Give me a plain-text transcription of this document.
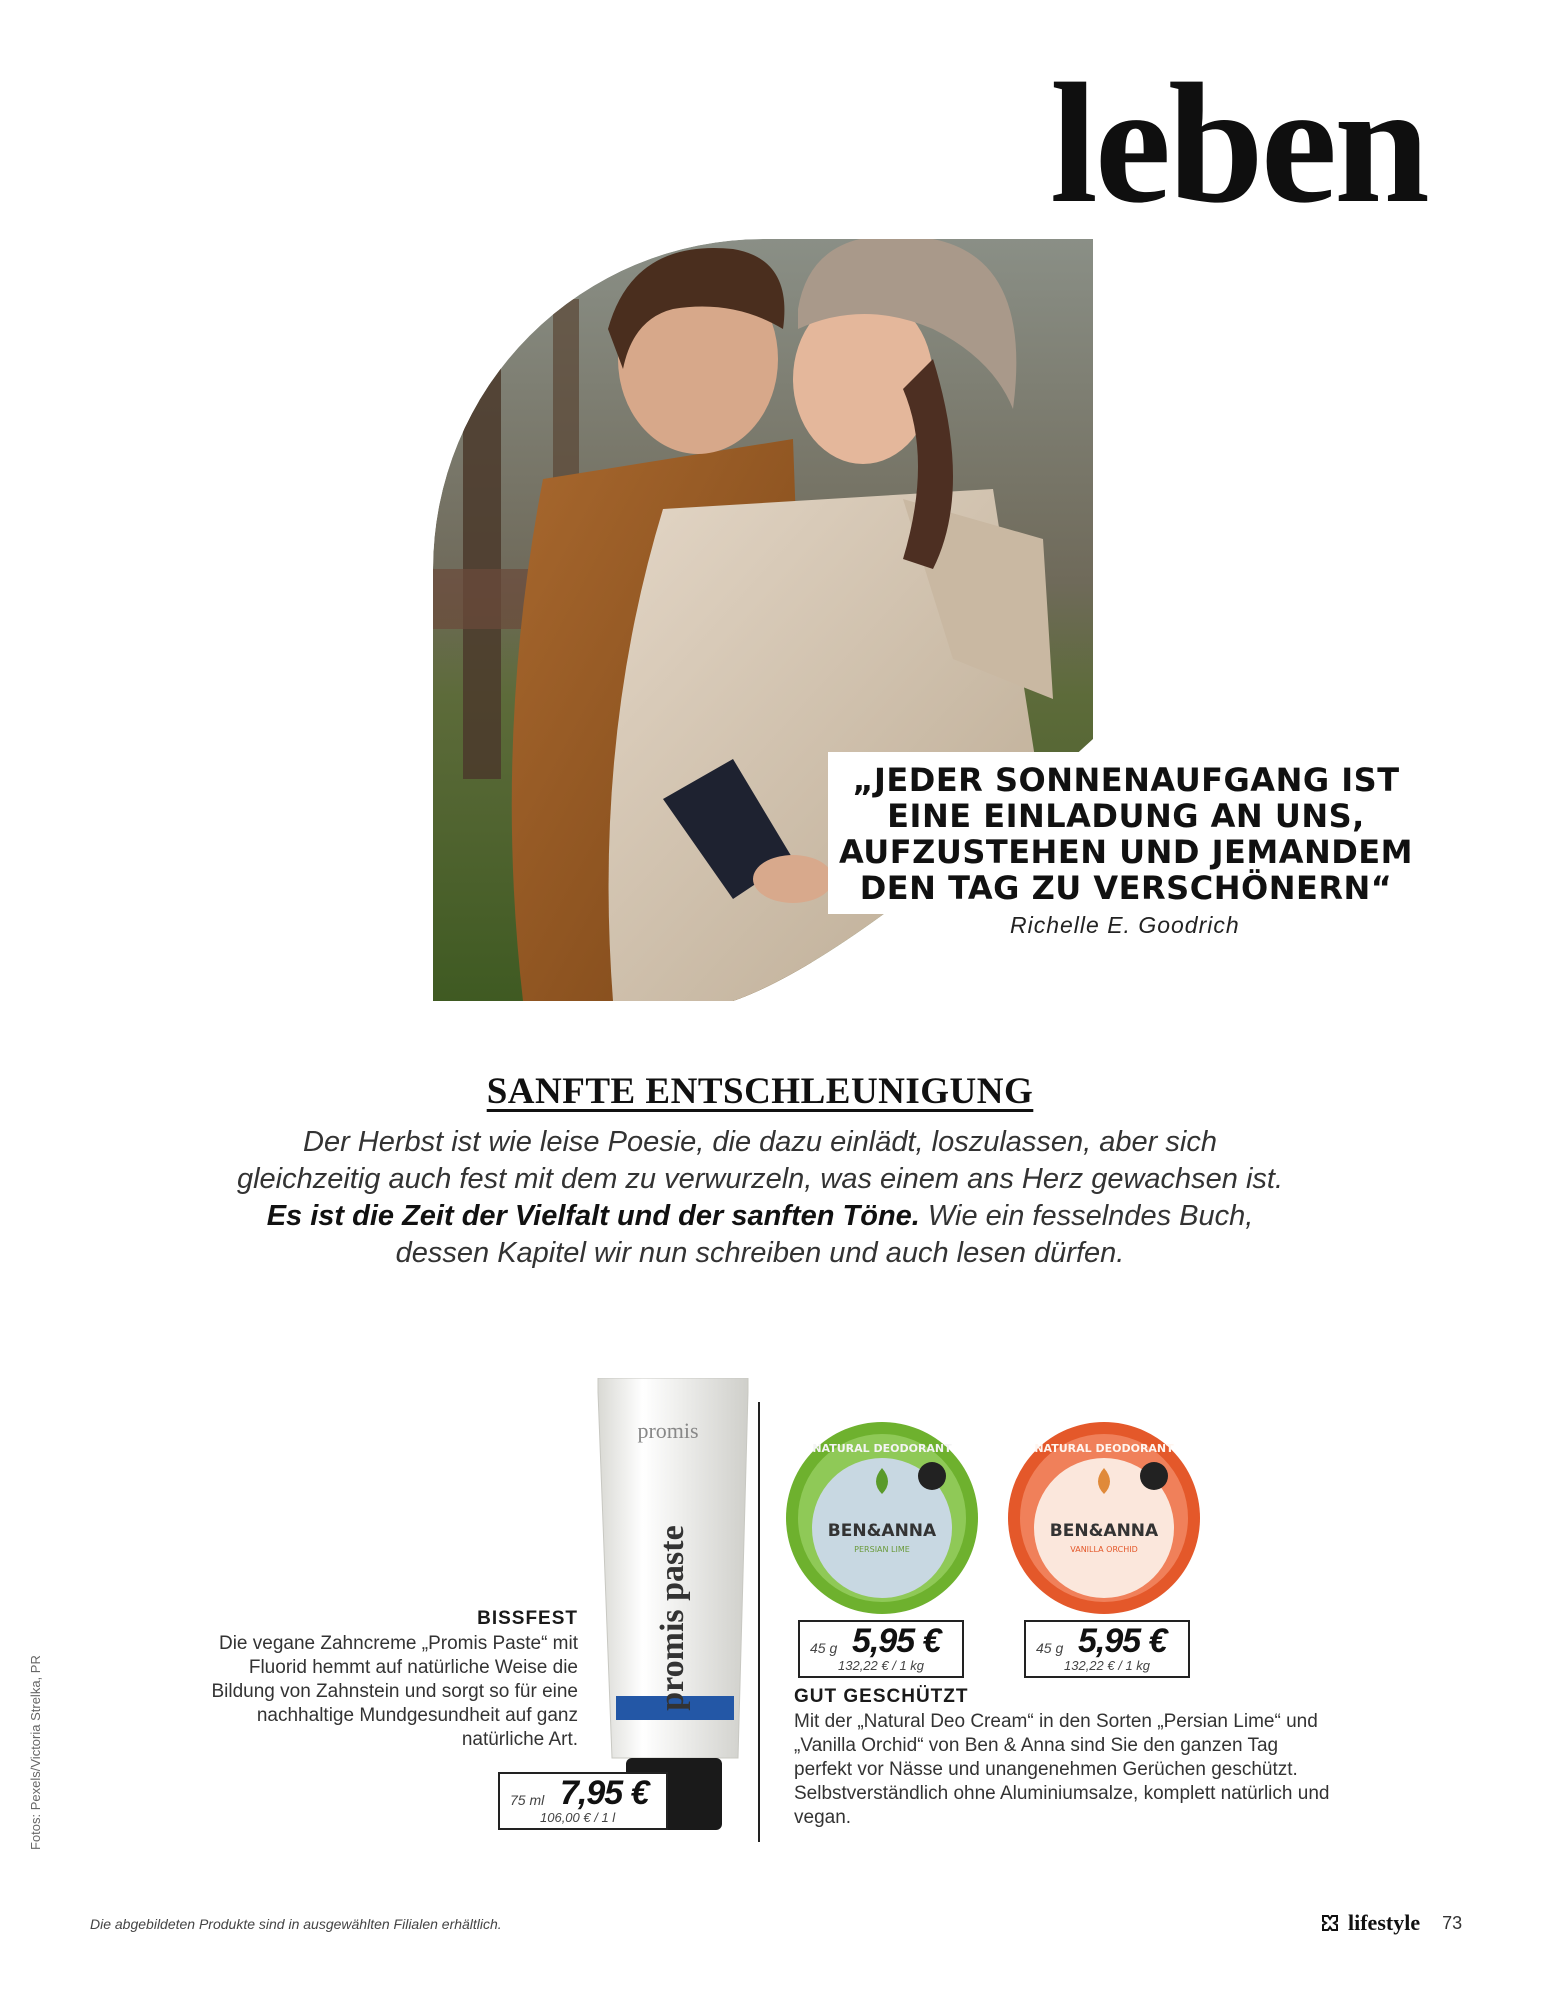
leben
„JEDER SONNENAUFGANG IST EINE EINLADUNG AN UNS, AUFZUSTEHEN UND JEMANDEM DEN TAG ZU VERSCHÖNERN“
Richelle E. Goodrich
SANFTE ENTSCHLEUNIGUNG
Der Herbst ist wie leise Poesie, die dazu einlädt, loszulassen, aber sich gleichzeitig auch fest mit dem zu verwurzeln, was einem ans Herz gewachsen ist. Es ist die Zeit der Vielfalt und der sanften Töne. Wie ein fesselndes Buch, dessen Kapitel wir nun schreiben und auch lesen dürfen.
Fotos: Pexels/Victoria Strelka, PR
BISSFEST
Die vegane Zahncreme „Promis Paste“ mit Fluorid hemmt auf natürliche Weise die Bildung von Zahnstein und sorgt so für eine nachhaltige Mundgesundheit auf ganz natürliche Art.
promis
promis paste
75 ml 7,95 €
106,00 € / 1 l
NATURAL DEODORANT
BEN&ANNA
PERSIAN LIME
NATURAL DEODORANT
BEN&ANNA
VANILLA ORCHID
45 g 5,95 €
132,22 € / 1 kg
45 g 5,95 €
132,22 € / 1 kg
GUT GESCHÜTZT
Mit der „Natural Deo Cream“ in den Sorten „Persian Lime“ und „Vanilla Orchid“ von Ben & Anna sind Sie den ganzen Tag perfekt vor Nässe und unangenehmen Gerüchen geschützt. Selbstverständlich ohne Aluminiumsalze, komplett natürlich und vegan.
Die abgebildeten Produkte sind in ausgewählten Filialen erhältlich.	lifestyle 73
